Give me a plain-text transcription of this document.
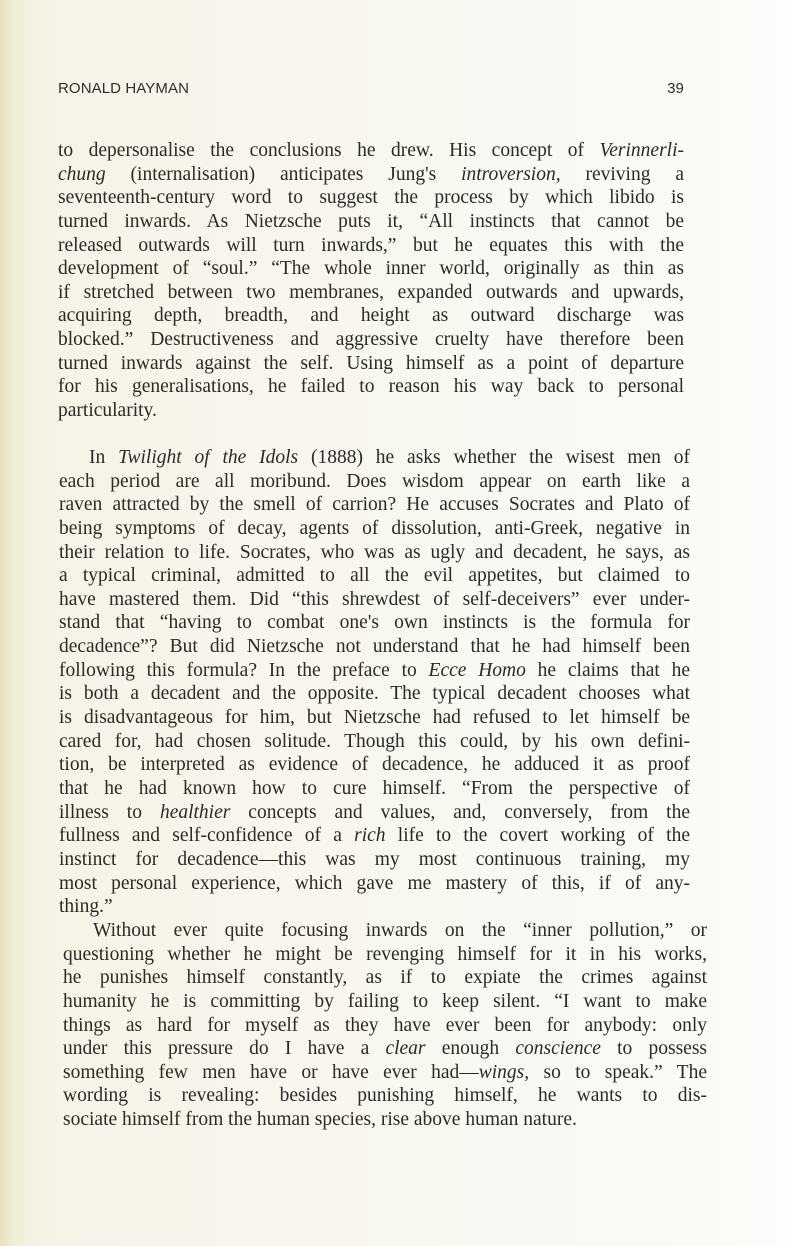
RONALD HAYMAN	39
to depersonalise the conclusions he drew. His concept of Verinnerli-
chung (internalisation) anticipates Jung's introversion, reviving a
seventeenth-century word to suggest the process by which libido is
turned inwards. As Nietzsche puts it, “All instincts that cannot be
released outwards will turn inwards,” but he equates this with the
development of “soul.” “The whole inner world, originally as thin as
if stretched between two membranes, expanded outwards and upwards,
acquiring depth, breadth, and height as outward discharge was
blocked.” Destructiveness and aggressive cruelty have therefore been
turned inwards against the self. Using himself as a point of departure
for his generalisations, he failed to reason his way back to personal
particularity.
In Twilight of the Idols (1888) he asks whether the wisest men of
each period are all moribund. Does wisdom appear on earth like a
raven attracted by the smell of carrion? He accuses Socrates and Plato of
being symptoms of decay, agents of dissolution, anti-Greek, negative in
their relation to life. Socrates, who was as ugly and decadent, he says, as
a typical criminal, admitted to all the evil appetites, but claimed to
have mastered them. Did “this shrewdest of self-deceivers” ever under-
stand that “having to combat one's own instincts is the formula for
decadence”? But did Nietzsche not understand that he had himself been
following this formula? In the preface to Ecce Homo he claims that he
is both a decadent and the opposite. The typical decadent chooses what
is disadvantageous for him, but Nietzsche had refused to let himself be
cared for, had chosen solitude. Though this could, by his own defini-
tion, be interpreted as evidence of decadence, he adduced it as proof
that he had known how to cure himself. “From the perspective of
illness to healthier concepts and values, and, conversely, from the
fullness and self-confidence of a rich life to the covert working of the
instinct for decadence—this was my most continuous training, my
most personal experience, which gave me mastery of this, if of any-
thing.”
Without ever quite focusing inwards on the “inner pollution,” or
questioning whether he might be revenging himself for it in his works,
he punishes himself constantly, as if to expiate the crimes against
humanity he is committing by failing to keep silent. “I want to make
things as hard for myself as they have ever been for anybody: only
under this pressure do I have a clear enough conscience to possess
something few men have or have ever had—wings, so to speak.” The
wording is revealing: besides punishing himself, he wants to dis-
sociate himself from the human species, rise above human nature.
